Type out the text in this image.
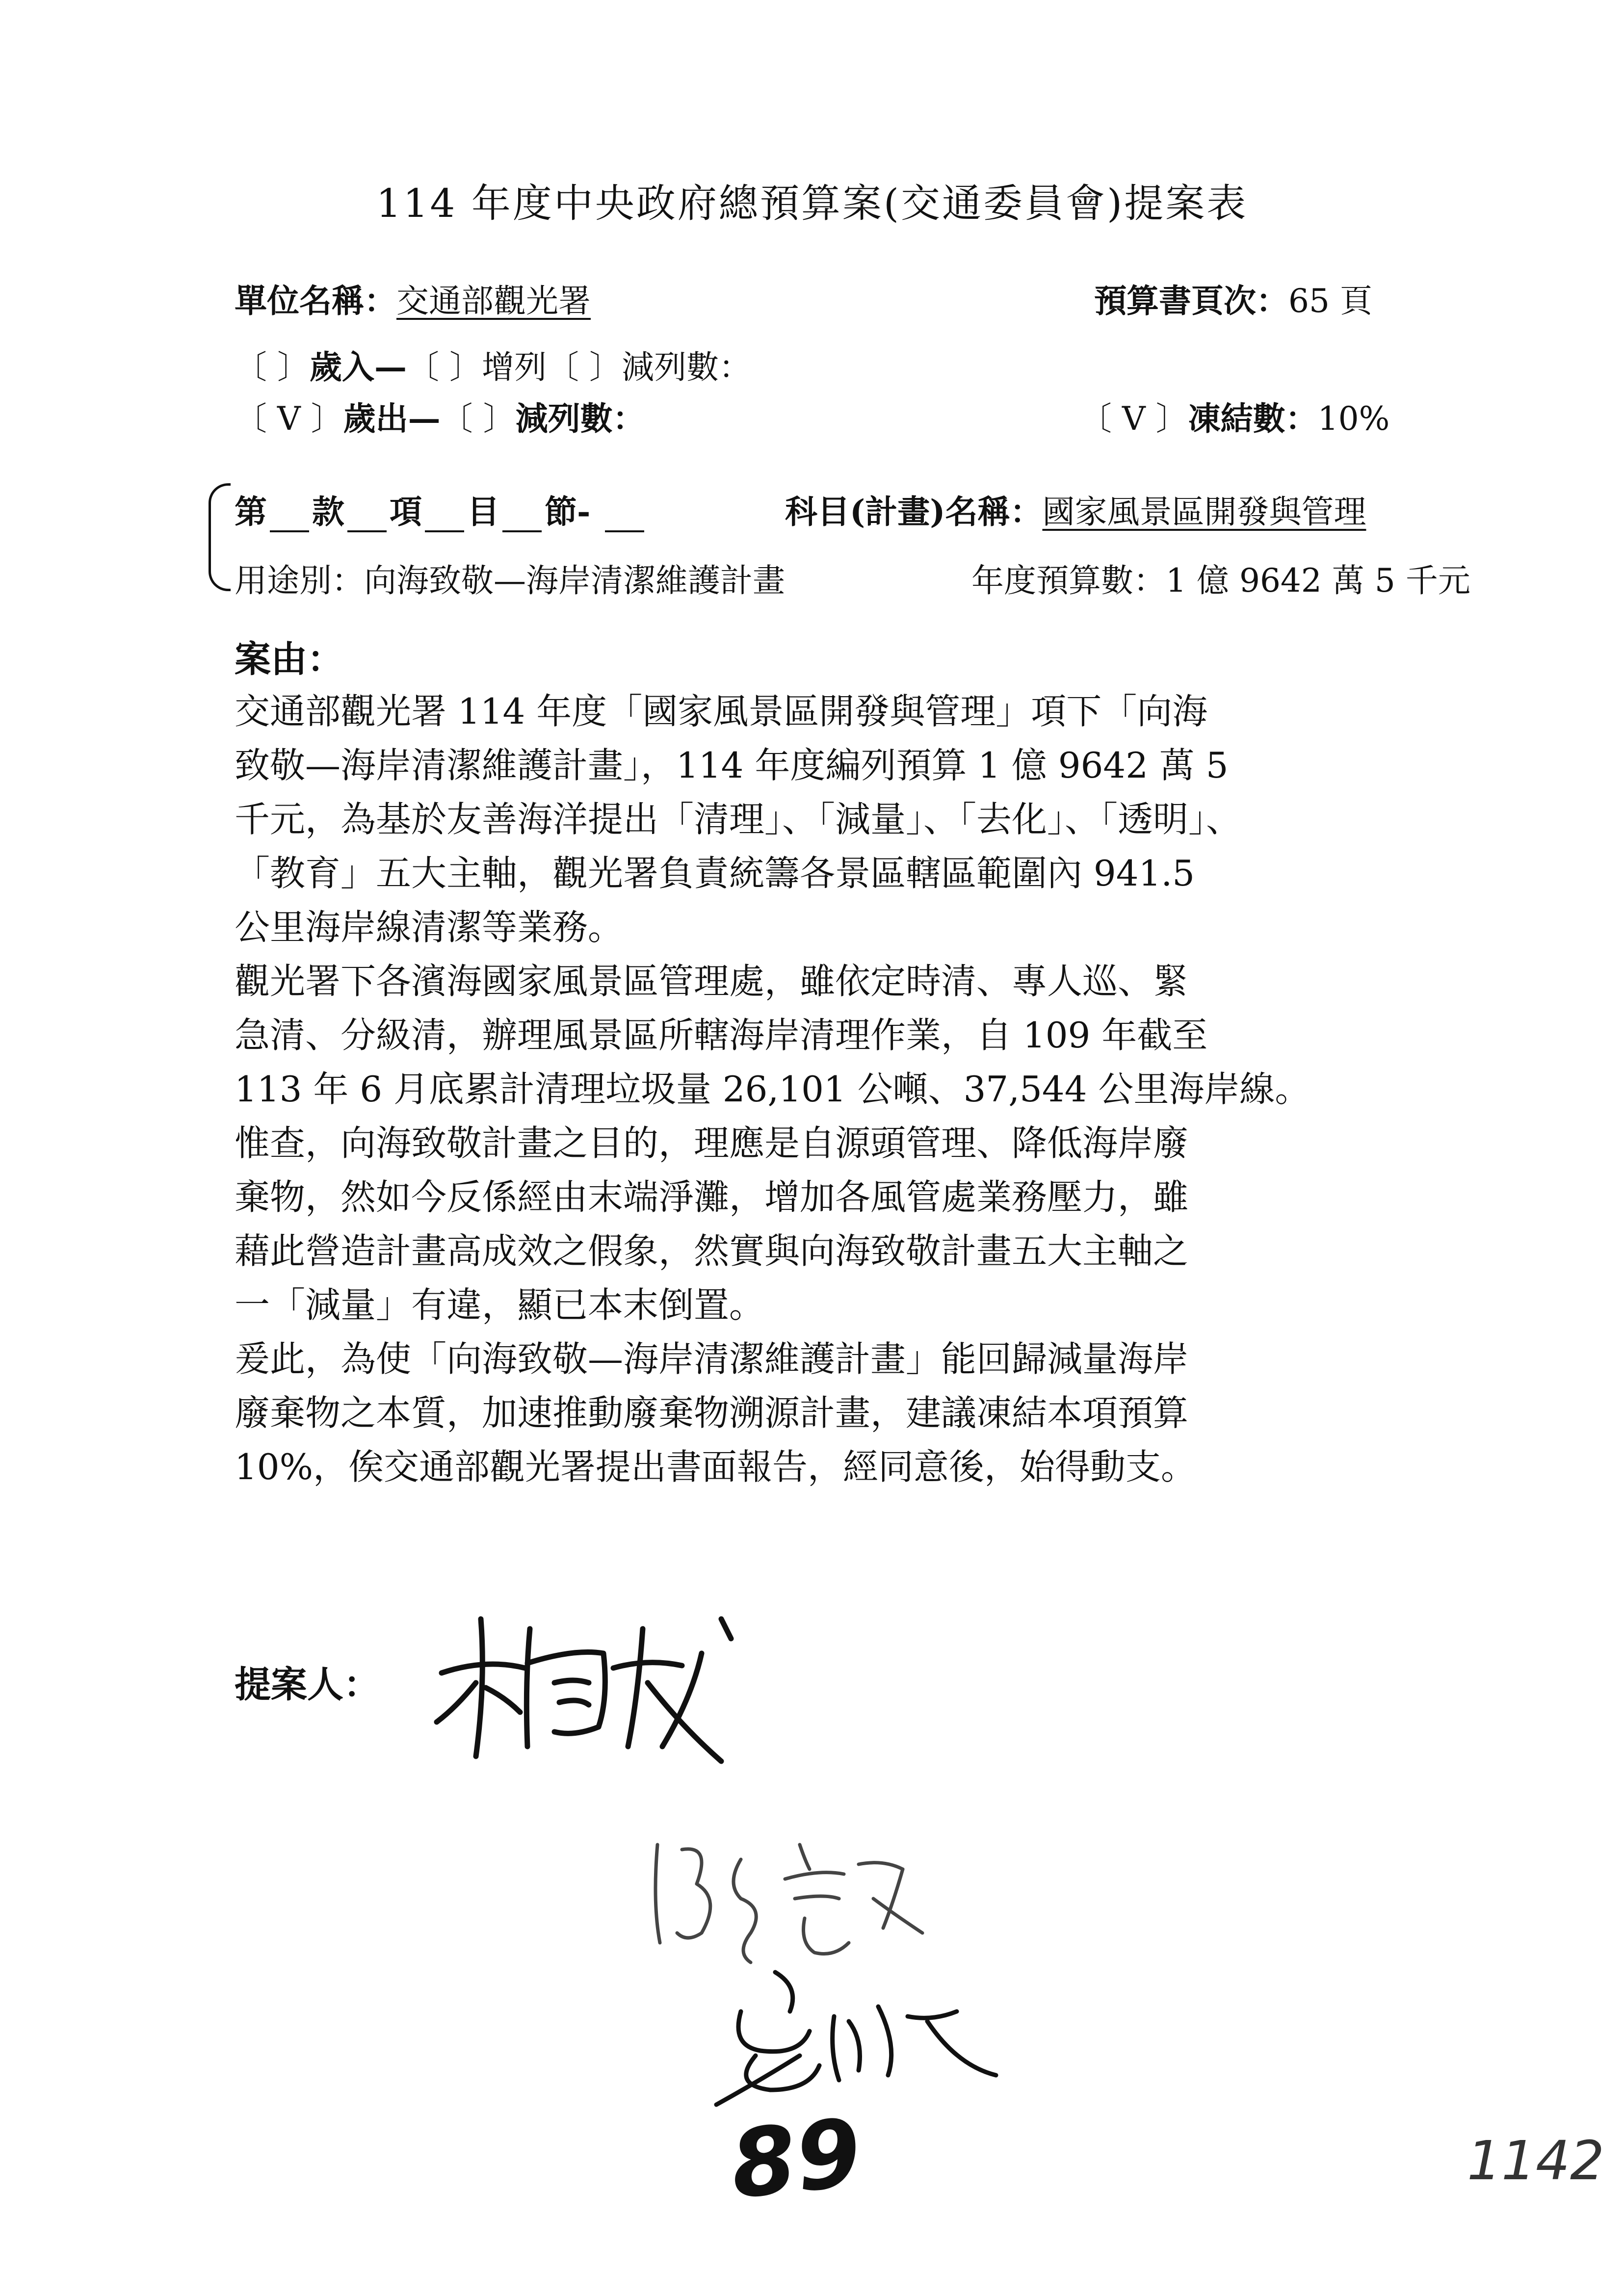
114 年度中央政府總預算案(交通委員會)提案表
單位名稱：交通部觀光署	預算書頁次：65 頁
〔 〕歲入—〔 〕增列〔 〕減列數：
〔 V 〕歲出—〔 〕減列數：	〔 V 〕凍結數：10%
第 款 項 目 節-	科目(計畫)名稱：國家風景區開發與管理
用途別：向海致敬—海岸清潔維護計畫	年度預算數：1 億 9642 萬 5 千元
案由：

交通部觀光署 114 年度「國家風景區開發與管理」項下「向海
致敬—海岸清潔維護計畫」，114 年度編列預算 1 億 9642 萬 5
千元，為基於友善海洋提出「清理」、「減量」、「去化」、「透明」、
「教育」五大主軸，觀光署負責統籌各景區轄區範圍內 941.5
公里海岸線清潔等業務。

觀光署下各濱海國家風景區管理處，雖依定時清、專人巡、緊
急清、分級清，辦理風景區所轄海岸清理作業，自 109 年截至
113 年 6 月底累計清理垃圾量 26,101 公噸、37,544 公里海岸線。
惟查，向海致敬計畫之目的，理應是自源頭管理、降低海岸廢
棄物，然如今反係經由末端淨灘，增加各風管處業務壓力，雖
藉此營造計畫高成效之假象，然實與向海致敬計畫五大主軸之
一「減量」有違，顯已本末倒置。

爰此，為使「向海致敬—海岸清潔維護計畫」能回歸減量海岸
廢棄物之本質，加速推動廢棄物溯源計畫，建議凍結本項預算
10%，俟交通部觀光署提出書面報告，經同意後，始得動支。

提案人：
89	1142
